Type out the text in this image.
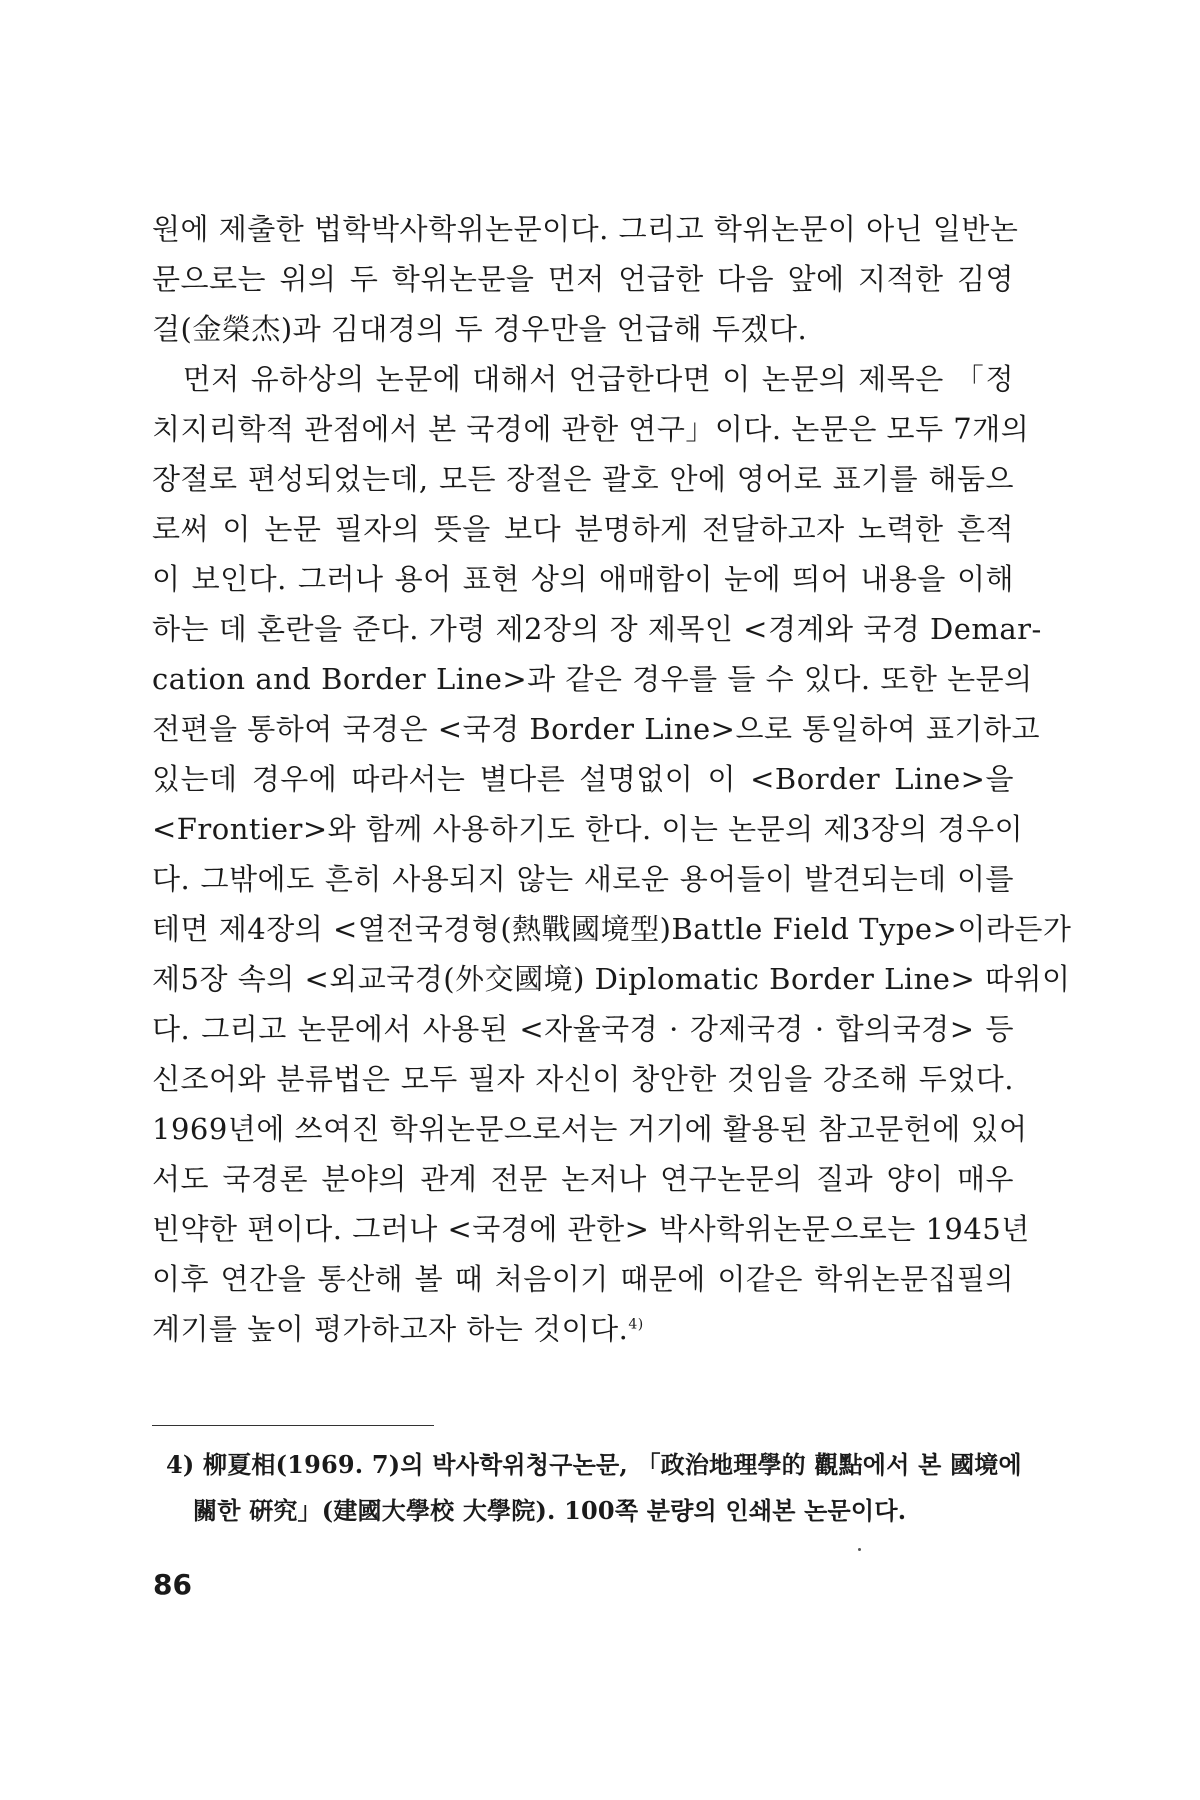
원에 제출한 법학박사학위논문이다. 그리고 학위논문이 아닌 일반논
문으로는 위의 두 학위논문을 먼저 언급한 다음 앞에 지적한 김영
걸(金榮杰)과 김대경의 두 경우만을 언급해 두겠다.
　먼저 유하상의 논문에 대해서 언급한다면 이 논문의 제목은 「정
치지리학적 관점에서 본 국경에 관한 연구」이다. 논문은 모두 7개의
장절로 편성되었는데, 모든 장절은 괄호 안에 영어로 표기를 해둠으
로써 이 논문 필자의 뜻을 보다 분명하게 전달하고자 노력한 흔적
이 보인다. 그러나 용어 표현 상의 애매함이 눈에 띄어 내용을 이해
하는 데 혼란을 준다. 가령 제2장의 장 제목인 <경계와 국경 Demar-
cation and Border Line>과 같은 경우를 들 수 있다. 또한 논문의
전편을 통하여 국경은 <국경 Border Line>으로 통일하여 표기하고
있는데 경우에 따라서는 별다른 설명없이 이 <Border Line>을
<Frontier>와 함께 사용하기도 한다. 이는 논문의 제3장의 경우이
다. 그밖에도 흔히 사용되지 않는 새로운 용어들이 발견되는데 이를
테면 제4장의 <열전국경형(熱戰國境型)Battle Field Type>이라든가
제5장 속의 <외교국경(外交國境) Diplomatic Border Line> 따위이
다. 그리고 논문에서 사용된 <자율국경 · 강제국경 · 합의국경> 등
신조어와 분류법은 모두 필자 자신이 창안한 것임을 강조해 두었다.
1969년에 쓰여진 학위논문으로서는 거기에 활용된 참고문헌에 있어
서도 국경론 분야의 관계 전문 논저나 연구논문의 질과 양이 매우
빈약한 편이다. 그러나 <국경에 관한> 박사학위논문으로는 1945년
이후 연간을 통산해 볼 때 처음이기 때문에 이같은 학위논문집필의
계기를 높이 평가하고자 하는 것이다.$^{4)}$
4) 柳夏相(1969. 7)의 박사학위청구논문, 「政治地理學的 觀點에서 본 國境에
關한 硏究」(建國大學校 大學院). 100쪽 분량의 인쇄본 논문이다.
86
